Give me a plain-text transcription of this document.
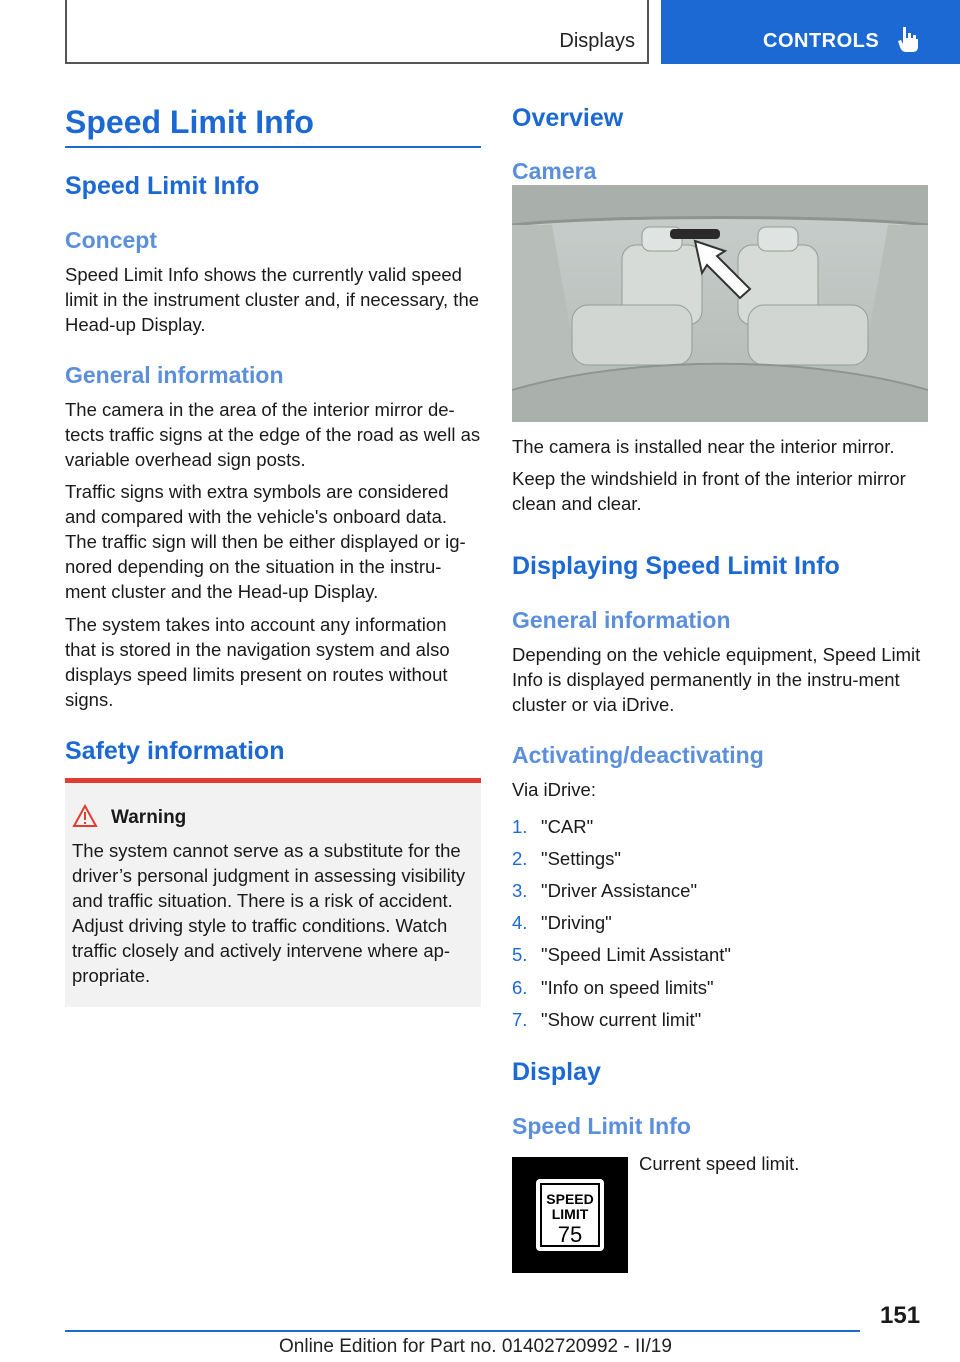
Displays	CONTROLS
Speed Limit Info
Speed Limit Info
Concept
Speed Limit Info shows the currently valid speed limit in the instrument cluster and, if necessary, the Head-up Display.
General information
The camera in the area of the interior mirror de-tects traffic signs at the edge of the road as well as variable overhead sign posts.
Traffic signs with extra symbols are considered and compared with the vehicle's onboard data. The traffic sign will then be either displayed or ig-nored depending on the situation in the instru-ment cluster and the Head-up Display.
The system takes into account any information that is stored in the navigation system and also displays speed limits present on routes without signs.
Safety information
Warning
The system cannot serve as a substitute for the driver’s personal judgment in assessing visibility and traffic situation. There is a risk of accident. Adjust driving style to traffic conditions. Watch traffic closely and actively intervene where ap-propriate.
Overview
Camera
The camera is installed near the interior mirror.
Keep the windshield in front of the interior mirror clean and clear.
Displaying Speed Limit Info
General information
Depending on the vehicle equipment, Speed Limit Info is displayed permanently in the instru-ment cluster or via iDrive.
Activating/deactivating
Via iDrive:
1. "CAR"
2. "Settings"
3. "Driver Assistance"
4. "Driving"
5. "Speed Limit Assistant"
6. "Info on speed limits"
7. "Show current limit"
Display
Speed Limit Info
SPEED
LIMIT
75
Current speed limit.
151
Online Edition for Part no. 01402720992 - II/19
